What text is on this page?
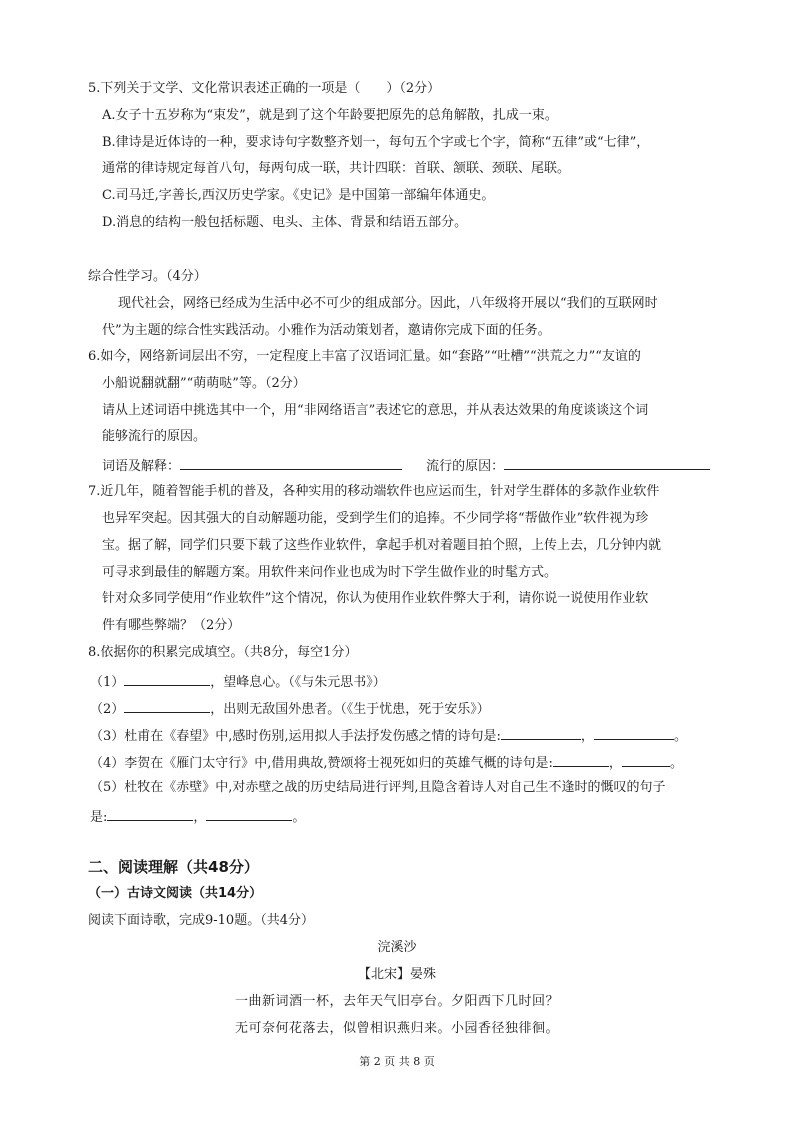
5.下列关于文学、文化常识表述正确的一项是（　　）（2分）
A.女子十五岁称为“束发”，就是到了这个年龄要把原先的总角解散，扎成一束。
B.律诗是近体诗的一种，要求诗句字数整齐划一，每句五个字或七个字，简称“五律”或“七律”，
通常的律诗规定每首八句，每两句成一联，共计四联：首联、颔联、颈联、尾联。
C.司马迁,字善长,西汉历史学家。《史记》是中国第一部编年体通史。
D.消息的结构一般包括标题、电头、主体、背景和结语五部分。
综合性学习。（4分）
现代社会，网络已经成为生活中必不可少的组成部分。因此，八年级将开展以“我们的互联网时
代”为主题的综合性实践活动。小雅作为活动策划者，邀请你完成下面的任务。
6.如今，网络新词层出不穷，一定程度上丰富了汉语词汇量。如“套路”“吐槽”“洪荒之力”“友谊的
小船说翻就翻”“萌萌哒”等。（2分）
请从上述词语中挑选其中一个，用“非网络语言”表述它的意思，并从表达效果的角度谈谈这个词
能够流行的原因。
词语及解释：	流行的原因：
7.近几年，随着智能手机的普及，各种实用的移动端软件也应运而生，针对学生群体的多款作业软件
也异军突起。因其强大的自动解题功能，受到学生们的追捧。不少同学将“帮做作业”软件视为珍
宝。据了解，同学们只要下载了这些作业软件，拿起手机对着题目拍个照，上传上去，几分钟内就
可寻求到最佳的解题方案。用软件来问作业也成为时下学生做作业的时髦方式。
针对众多同学使用“作业软件”这个情况，你认为使用作业软件弊大于利，请你说一说使用作业软
件有哪些弊端？（2分）
8.依据你的积累完成填空。（共8分，每空1分）
（1）	，望峰息心。（《与朱元思书》）
（2）	，出则无敌国外患者。（《生于忧患，死于安乐》）
（3）杜甫在《春望》中,感时伤别,运用拟人手法抒发伤感之情的诗句是:	，	。
（4）李贺在《雁门太守行》中,借用典故,赞颂将士视死如归的英雄气概的诗句是:	，	。
（5）杜牧在《赤壁》中,对赤壁之战的历史结局进行评判,且隐含着诗人对自己生不逢时的慨叹的句子
是:	，	。
二、阅读理解（共48分）
（一）古诗文阅读（共14分）
阅读下面诗歌，完成9-10题。（共4分）
浣溪沙
【北宋】晏殊
一曲新词酒一杯，去年天气旧亭台。夕阳西下几时回？
无可奈何花落去，似曾相识燕归来。小园香径独徘徊。
第 2 页 共 8 页
